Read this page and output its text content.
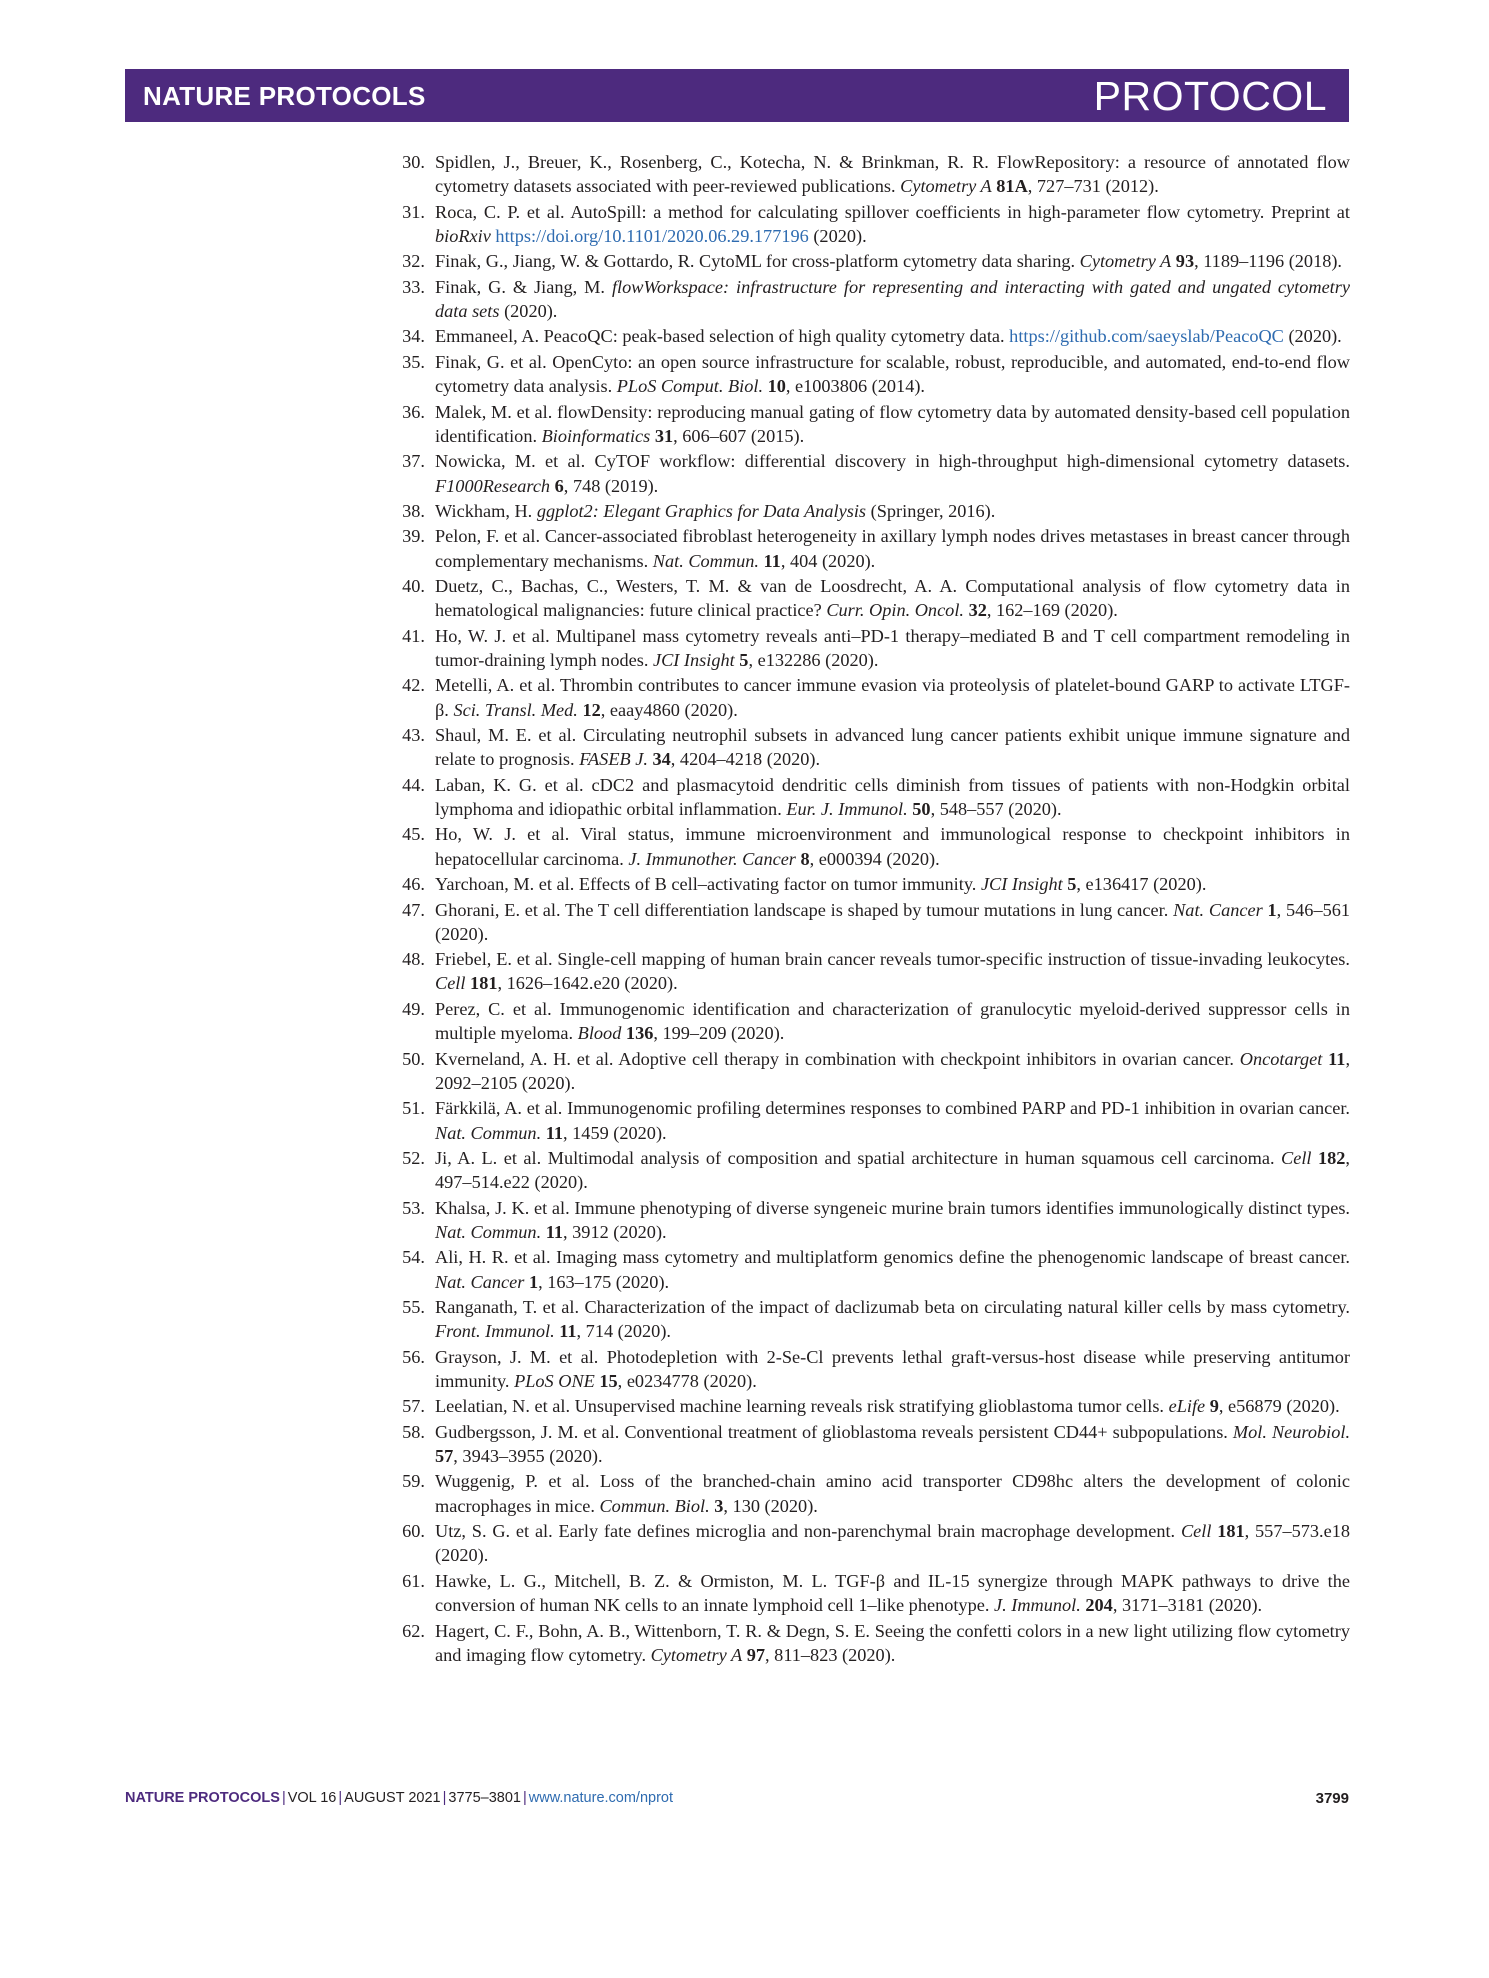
NATURE PROTOCOLS	PROTOCOL
30. Spidlen, J., Breuer, K., Rosenberg, C., Kotecha, N. & Brinkman, R. R. FlowRepository: a resource of annotated flow cytometry datasets associated with peer-reviewed publications. Cytometry A 81A, 727–731 (2012).
31. Roca, C. P. et al. AutoSpill: a method for calculating spillover coefficients in high-parameter flow cytometry. Preprint at bioRxiv https://doi.org/10.1101/2020.06.29.177196 (2020).
32. Finak, G., Jiang, W. & Gottardo, R. CytoML for cross-platform cytometry data sharing. Cytometry A 93, 1189–1196 (2018).
33. Finak, G. & Jiang, M. flowWorkspace: infrastructure for representing and interacting with gated and ungated cytometry data sets (2020).
34. Emmaneel, A. PeacoQC: peak-based selection of high quality cytometry data. https://github.com/saeyslab/PeacoQC (2020).
35. Finak, G. et al. OpenCyto: an open source infrastructure for scalable, robust, reproducible, and automated, end-to-end flow cytometry data analysis. PLoS Comput. Biol. 10, e1003806 (2014).
36. Malek, M. et al. flowDensity: reproducing manual gating of flow cytometry data by automated density-based cell population identification. Bioinformatics 31, 606–607 (2015).
37. Nowicka, M. et al. CyTOF workflow: differential discovery in high-throughput high-dimensional cytometry datasets. F1000Research 6, 748 (2019).
38. Wickham, H. ggplot2: Elegant Graphics for Data Analysis (Springer, 2016).
39. Pelon, F. et al. Cancer-associated fibroblast heterogeneity in axillary lymph nodes drives metastases in breast cancer through complementary mechanisms. Nat. Commun. 11, 404 (2020).
40. Duetz, C., Bachas, C., Westers, T. M. & van de Loosdrecht, A. A. Computational analysis of flow cytometry data in hematological malignancies: future clinical practice? Curr. Opin. Oncol. 32, 162–169 (2020).
41. Ho, W. J. et al. Multipanel mass cytometry reveals anti–PD-1 therapy–mediated B and T cell compartment remodeling in tumor-draining lymph nodes. JCI Insight 5, e132286 (2020).
42. Metelli, A. et al. Thrombin contributes to cancer immune evasion via proteolysis of platelet-bound GARP to activate LTGF-β. Sci. Transl. Med. 12, eaay4860 (2020).
43. Shaul, M. E. et al. Circulating neutrophil subsets in advanced lung cancer patients exhibit unique immune signature and relate to prognosis. FASEB J. 34, 4204–4218 (2020).
44. Laban, K. G. et al. cDC2 and plasmacytoid dendritic cells diminish from tissues of patients with non-Hodgkin orbital lymphoma and idiopathic orbital inflammation. Eur. J. Immunol. 50, 548–557 (2020).
45. Ho, W. J. et al. Viral status, immune microenvironment and immunological response to checkpoint inhibitors in hepatocellular carcinoma. J. Immunother. Cancer 8, e000394 (2020).
46. Yarchoan, M. et al. Effects of B cell–activating factor on tumor immunity. JCI Insight 5, e136417 (2020).
47. Ghorani, E. et al. The T cell differentiation landscape is shaped by tumour mutations in lung cancer. Nat. Cancer 1, 546–561 (2020).
48. Friebel, E. et al. Single-cell mapping of human brain cancer reveals tumor-specific instruction of tissue-invading leukocytes. Cell 181, 1626–1642.e20 (2020).
49. Perez, C. et al. Immunogenomic identification and characterization of granulocytic myeloid-derived suppressor cells in multiple myeloma. Blood 136, 199–209 (2020).
50. Kverneland, A. H. et al. Adoptive cell therapy in combination with checkpoint inhibitors in ovarian cancer. Oncotarget 11, 2092–2105 (2020).
51. Färkkilä, A. et al. Immunogenomic profiling determines responses to combined PARP and PD-1 inhibition in ovarian cancer. Nat. Commun. 11, 1459 (2020).
52. Ji, A. L. et al. Multimodal analysis of composition and spatial architecture in human squamous cell carcinoma. Cell 182, 497–514.e22 (2020).
53. Khalsa, J. K. et al. Immune phenotyping of diverse syngeneic murine brain tumors identifies immunologically distinct types. Nat. Commun. 11, 3912 (2020).
54. Ali, H. R. et al. Imaging mass cytometry and multiplatform genomics define the phenogenomic landscape of breast cancer. Nat. Cancer 1, 163–175 (2020).
55. Ranganath, T. et al. Characterization of the impact of daclizumab beta on circulating natural killer cells by mass cytometry. Front. Immunol. 11, 714 (2020).
56. Grayson, J. M. et al. Photodepletion with 2-Se-Cl prevents lethal graft-versus-host disease while preserving antitumor immunity. PLoS ONE 15, e0234778 (2020).
57. Leelatian, N. et al. Unsupervised machine learning reveals risk stratifying glioblastoma tumor cells. eLife 9, e56879 (2020).
58. Gudbergsson, J. M. et al. Conventional treatment of glioblastoma reveals persistent CD44+ subpopulations. Mol. Neurobiol. 57, 3943–3955 (2020).
59. Wuggenig, P. et al. Loss of the branched-chain amino acid transporter CD98hc alters the development of colonic macrophages in mice. Commun. Biol. 3, 130 (2020).
60. Utz, S. G. et al. Early fate defines microglia and non-parenchymal brain macrophage development. Cell 181, 557–573.e18 (2020).
61. Hawke, L. G., Mitchell, B. Z. & Ormiston, M. L. TGF-β and IL-15 synergize through MAPK pathways to drive the conversion of human NK cells to an innate lymphoid cell 1–like phenotype. J. Immunol. 204, 3171–3181 (2020).
62. Hagert, C. F., Bohn, A. B., Wittenborn, T. R. & Degn, S. E. Seeing the confetti colors in a new light utilizing flow cytometry and imaging flow cytometry. Cytometry A 97, 811–823 (2020).
NATURE PROTOCOLS | VOL 16 | AUGUST 2021 | 3775–3801 | www.nature.com/nprot	3799
